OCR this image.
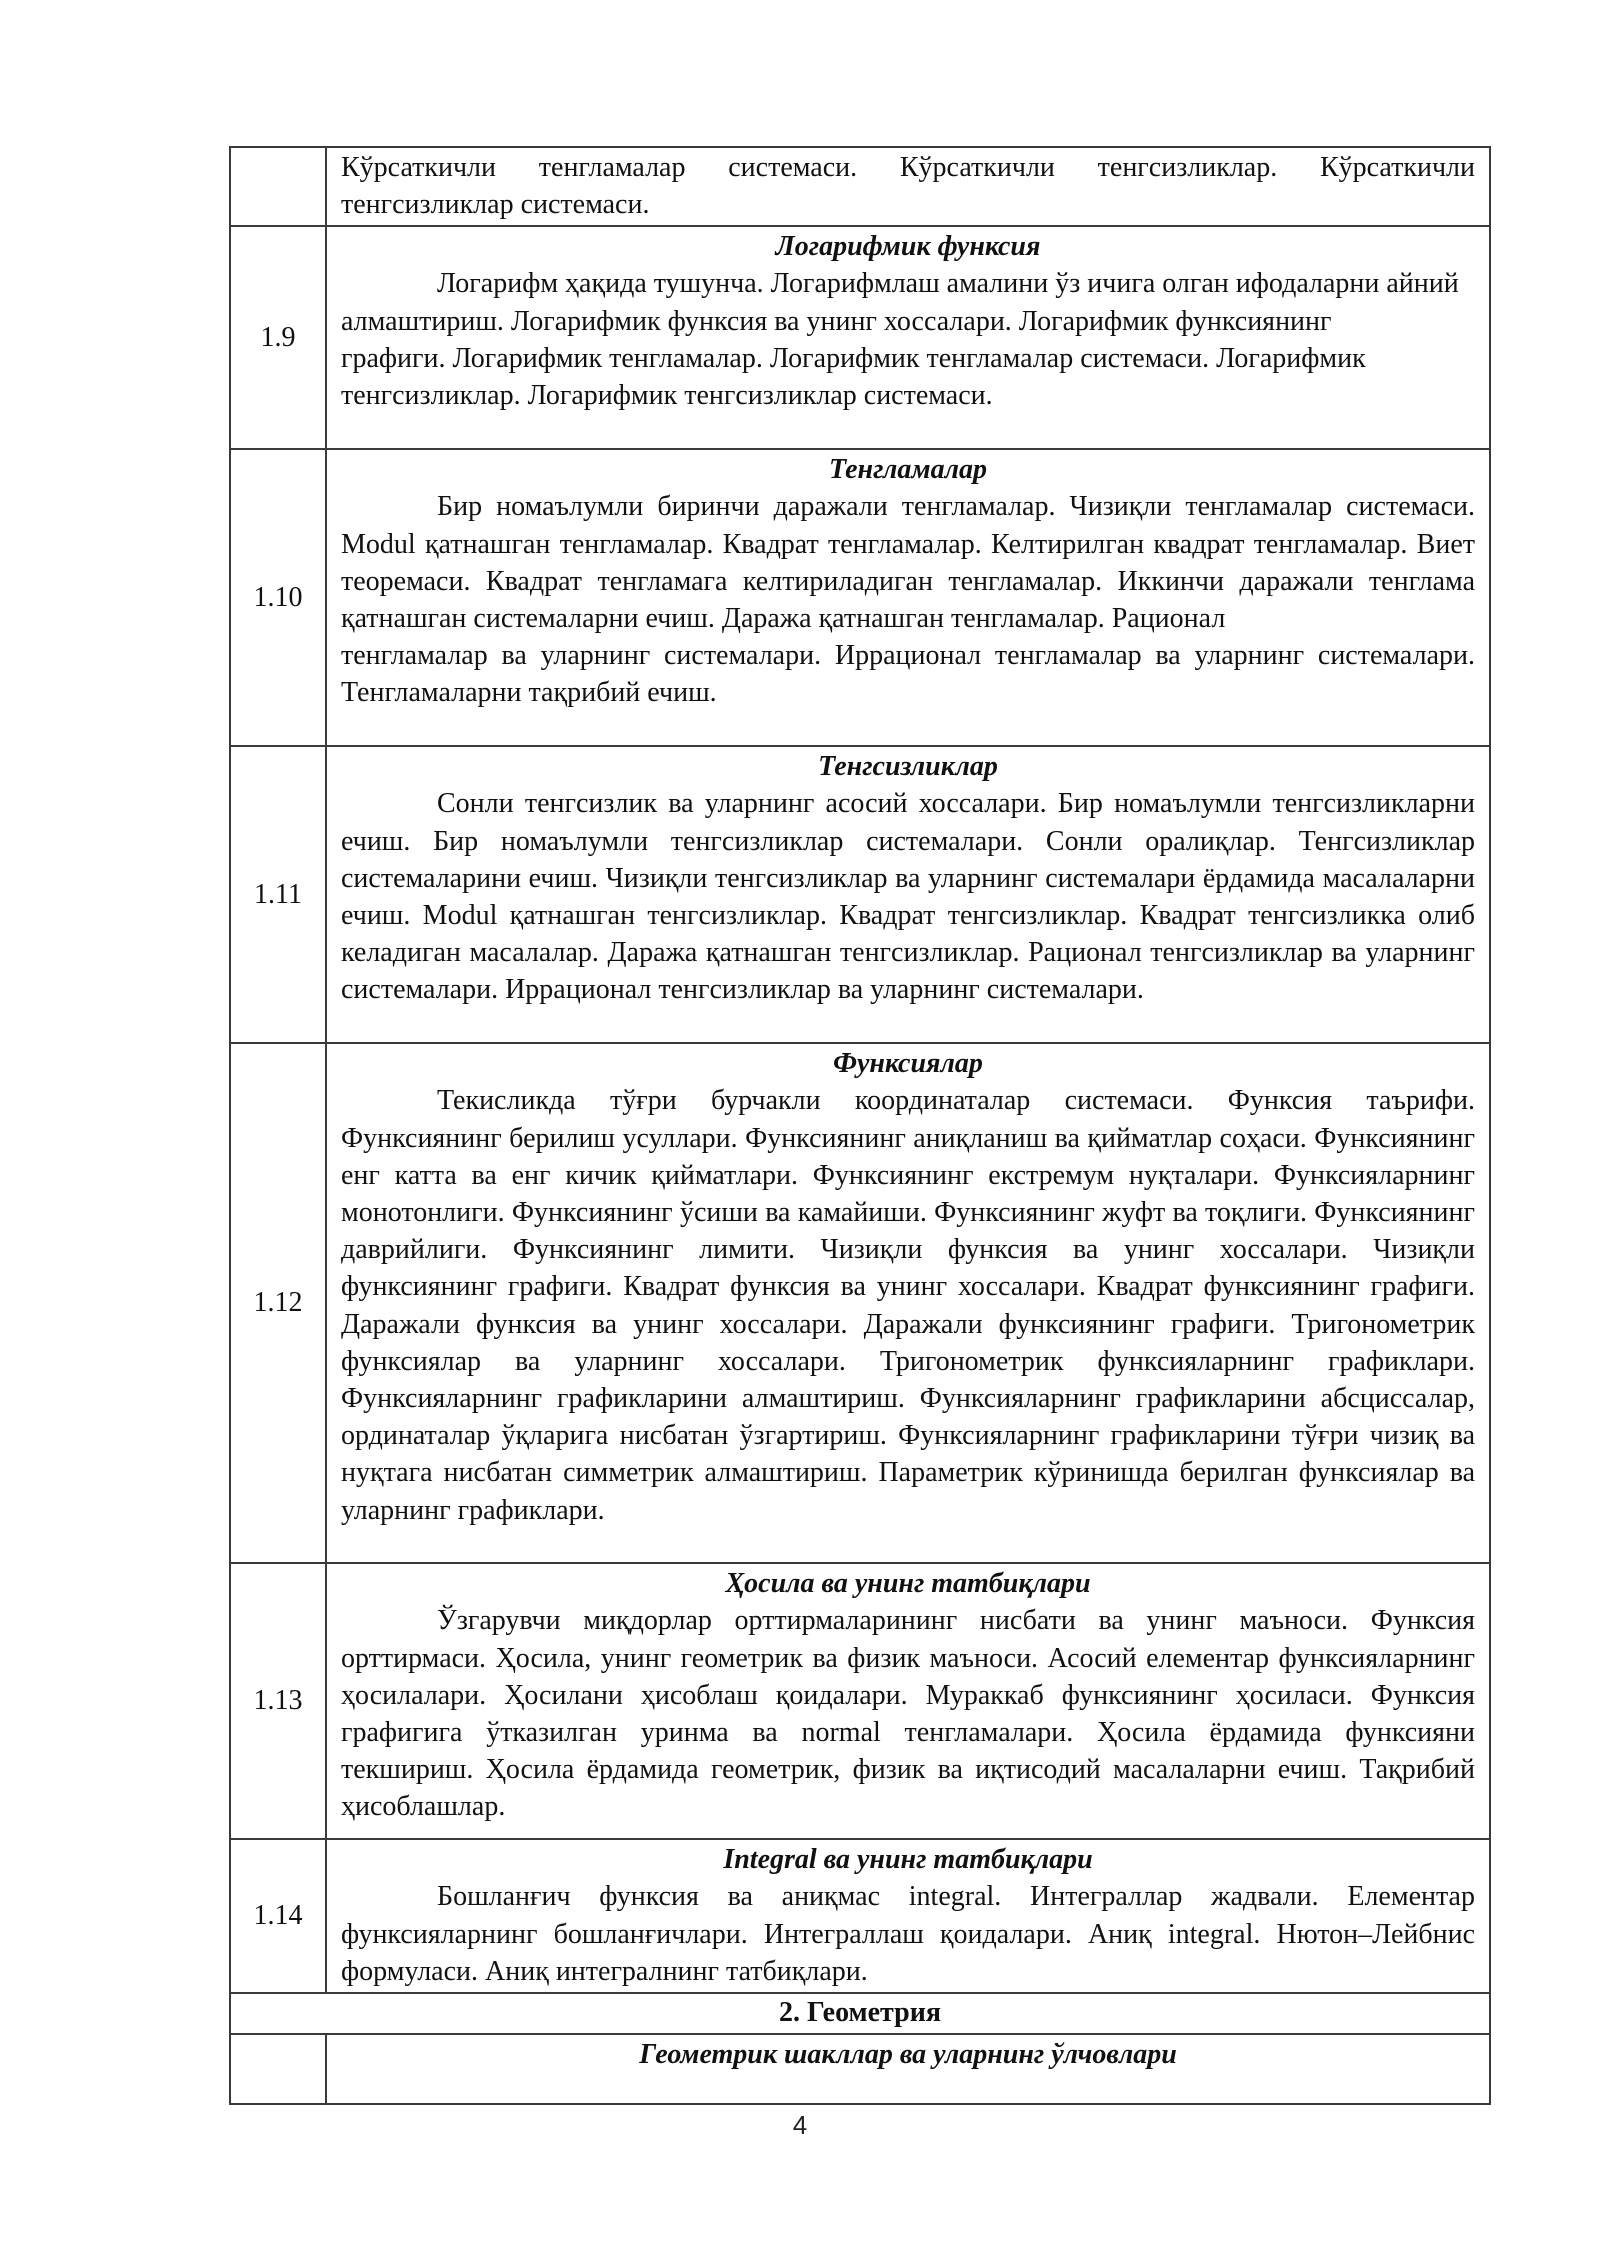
	Кўрсаткичли тенгламалар системаси. Кўрсаткичли тенгсизликлар. Кўрсаткичли тенгсизликлар системаси.

1.9	Логарифмик функсия
Логарифм ҳақида тушунча. Логарифмлаш амалини ўз ичига олган ифодаларни айний алмаштириш. Логарифмик функсия ва унинг хоссалари. Логарифмик функсиянинг
графиги. Логарифмик тенгламалар. Логарифмик тенгламалар системаси. Логарифмик тенгсизликлар. Логарифмик тенгсизликлар системаси.

1.10	Тенгламалар
Бир номаълумли биринчи даражали тенгламалар. Чизиқли тенгламалар системаси. Modul қатнашган тенгламалар. Квадрат тенгламалар. Келтирилган квадрат тенгламалар. Виет теоремаси. Квадрат тенгламага келтириладиган тенгламалар. Иккинчи даражали тенглама қатнашган системаларни ечиш. Даража қатнашган тенгламалар. Рационал
тенгламалар ва уларнинг системалари. Иррационал тенгламалар ва уларнинг системалари. Тенгламаларни тақрибий ечиш.

1.11	Тенгсизликлар
Сонли тенгсизлик ва уларнинг асосий хоссалари. Бир номаълумли тенгсизликларни ечиш. Бир номаълумли тенгсизликлар системалари. Сонли оралиқлар. Тенгсизликлар системаларини ечиш. Чизиқли тенгсизликлар ва уларнинг системалари ёрдамида масалаларни ечиш. Modul қатнашган тенгсизликлар. Квадрат тенгсизликлар. Квадрат тенгсизликка олиб келадиган масалалар. Даража қатнашган тенгсизликлар. Рационал тенгсизликлар ва уларнинг системалари. Иррационал тенгсизликлар ва уларнинг системалари.

1.12	Функсиялар
Текисликда тўғри бурчакли координаталар системаси. Функсия таърифи. Функсиянинг берилиш усуллари. Функсиянинг аниқланиш ва қийматлар соҳаси. Функсиянинг енг катта ва енг кичик қийматлари. Функсиянинг екстремум нуқталари. Функсияларнинг монотонлиги. Функсиянинг ўсиши ва камайиши. Функсиянинг жуфт ва тоқлиги. Функсиянинг даврийлиги. Функсиянинг лимити. Чизиқли функсия ва унинг хоссалари. Чизиқли функсиянинг графиги. Квадрат функсия ва унинг хоссалари. Квадрат функсиянинг графиги. Даражали функсия ва унинг хоссалари. Даражали функсиянинг графиги. Тригонометрик функсиялар ва уларнинг хоссалари. Тригонометрик функсияларнинг графиклари. Функсияларнинг графикларини алмаштириш. Функсияларнинг графикларини абсциссалар, ординаталар ўқларига нисбатан ўзгартириш. Функсияларнинг графикларини тўғри чизиқ ва нуқтага нисбатан симметрик алмаштириш. Параметрик кўринишда берилган функсиялар ва уларнинг графиклари.

1.13	Ҳосила ва унинг татбиқлари
Ўзгарувчи миқдорлар орттирмаларининг нисбати ва унинг маъноси. Функсия орттирмаси. Ҳосила, унинг геометрик ва физик маъноси. Асосий елементар функсияларнинг ҳосилалари. Ҳосилани ҳисоблаш қоидалари. Мураккаб функсиянинг ҳосиласи. Функсия графигига ўтказилган уринма ва normal тенгламалари. Ҳосила ёрдамида функсияни текшириш. Ҳосила ёрдамида геометрик, физик ва иқтисодий масалаларни ечиш. Тақрибий ҳисоблашлар.

1.14	Integral ва унинг татбиқлари
Бошланғич функсия ва аниқмас integral. Интеграллар жадвали. Елементар функсияларнинг бошланғичлари. Интеграллаш қоидалари. Аниқ integral. Нютон–Лейбнис формуласи. Аниқ интегралнинг татбиқлари.

2. Геометрия	

	Геометрик шакллар ва уларнинг ўлчовлари
4
